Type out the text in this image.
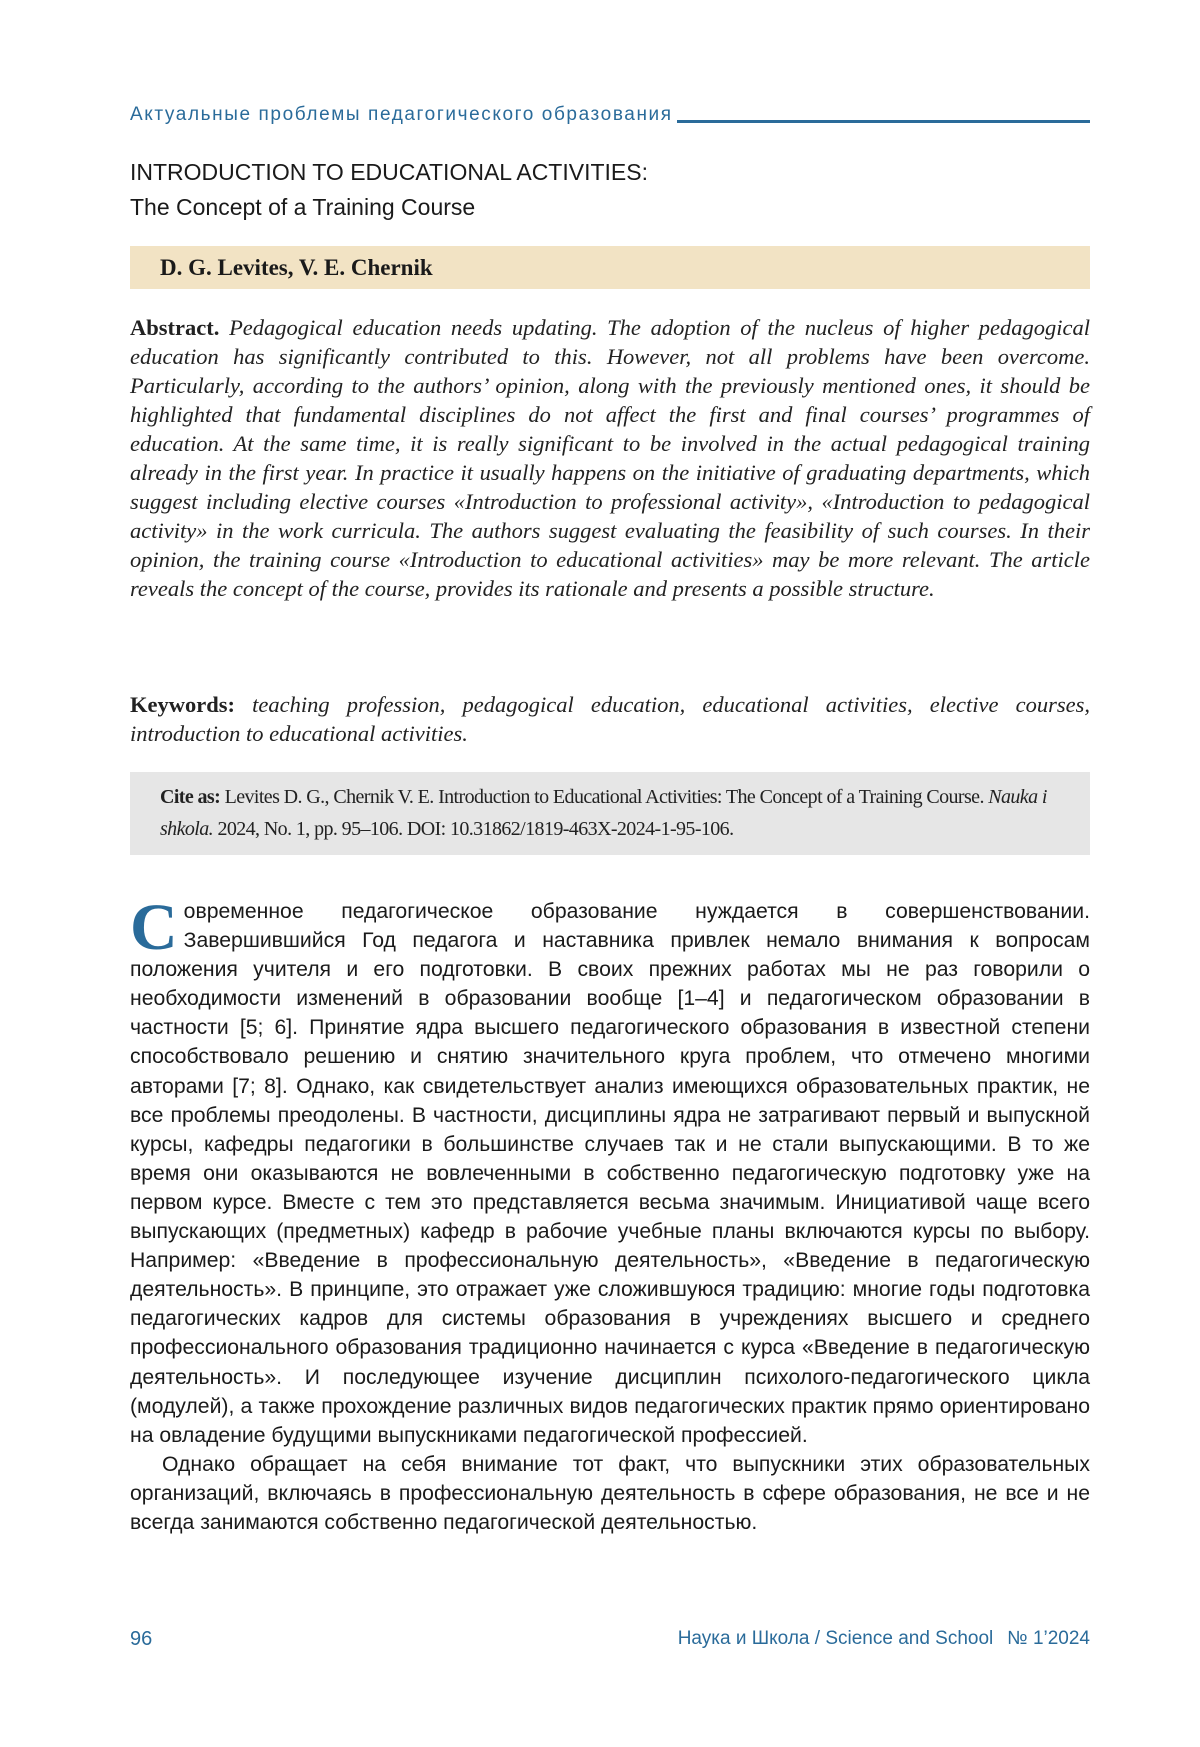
Актуальные проблемы педагогического образования
INTRODUCTION TO EDUCATIONAL ACTIVITIES:
The Concept of a Training Course
D. G. Levites, V. E. Chernik
Abstract. Pedagogical education needs updating. The adoption of the nucleus of higher pedagogical education has significantly contributed to this. However, not all problems have been overcome. Particularly, according to the authors’ opinion, along with the previously mentioned ones, it should be highlighted that fundamental disciplines do not affect the first and final courses’ programmes of education. At the same time, it is really significant to be involved in the actual pedagogical training already in the first year. In practice it usually happens on the initiative of graduating departments, which suggest including elective courses «Introduction to professional activity», «Introduction to pedagogical activity» in the work curricula. The authors suggest evaluating the feasibility of such courses. In their opinion, the training course «Introduction to educational activities» may be more relevant. The article reveals the concept of the course, provides its rationale and presents a possible structure.
Keywords: teaching profession, pedagogical education, educational activities, elective courses, introduction to educational activities.
Cite as: Levites D. G., Chernik V. E. Introduction to Educational Activities: The Concept of a Training Course. Nauka i shkola. 2024, No. 1, pp. 95–106. DOI: 10.31862/1819-463X-2024-1-95-106.

Современное педагогическое образование нуждается в совершенствовании. Завершившийся Год педагога и наставника привлек немало внимания к вопросам положения учителя и его подготовки. В своих прежних работах мы не раз говорили о необходимости изменений в образовании вообще [1–4] и педагогическом образовании в частности [5; 6]. Принятие ядра высшего педагогического образования в известной степени способствовало решению и снятию значительного круга проблем, что отмечено многими авторами [7; 8]. Однако, как свидетельствует анализ имеющихся образовательных практик, не все проблемы преодолены. В частности, дисциплины ядра не затрагивают первый и выпускной курсы, кафедры педагогики в большинстве случаев так и не стали выпускающими. В то же время они оказываются не вовлеченными в собственно педагогическую подготовку уже на первом курсе. Вместе с тем это представляется весьма значимым. Инициативой чаще всего выпускающих (предметных) кафедр в рабочие учебные планы включаются курсы по выбору. Например: «Введение в профессиональную деятельность», «Введение в педагогическую деятельность». В принципе, это отражает уже сложившуюся традицию: многие годы подготовка педагогических кадров для системы образования в учреждениях высшего и среднего профессионального образования традиционно начинается с курса «Введение в педагогическую деятельность». И последующее изучение дисциплин психолого-педагогического цикла (модулей), а также прохождение различных видов педагогических практик прямо ориентировано на овладение будущими выпускниками педагогической профессией.

Однако обращает на себя внимание тот факт, что выпускники этих образовательных организаций, включаясь в профессиональную деятельность в сфере образования, не все и не всегда занимаются собственно педагогической деятельностью.

96	Наука и Школа / Science and School № 1’2024
